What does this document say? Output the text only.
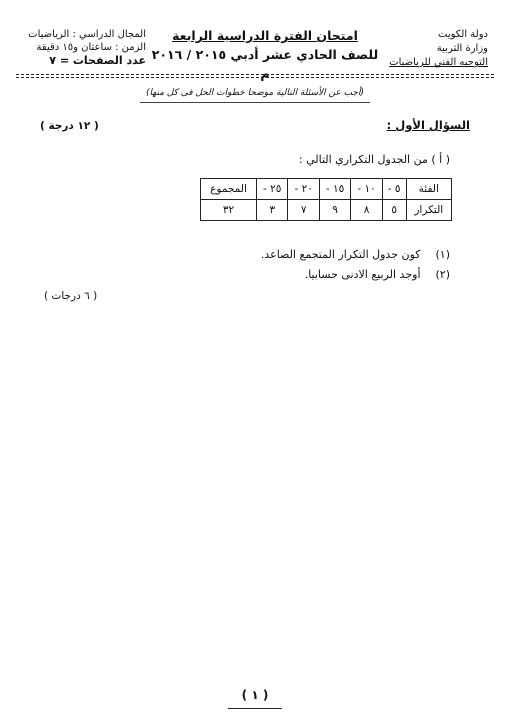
دولة الكويت
وزارة التربية
التوجيه الفني للرياضيات
امتحان الفترة الدراسية الرابعة
للصف الحادي عشر أدبي ٢٠١٥ / ٢٠١٦ م
المجال الدراسي : الرياضيات
الزمن : ساعتان و١٥ دقيقة
عدد الصفحات = ٧
(أجب عن الأسئلة التالية موضحا خطوات الحل فى كل منها)
السؤال الأول :
( ١٢ درجة )
( أ ) من الجدول التكراري التالي :
الفئة	٥ -	١٠ -	١٥ -	٢٠ -	٢٥ -	المجموع
التكرار	٥	٨	٩	٧	٣	٣٢
(١) كون جدول التكرار المتجمع الصاعد.
(٢) أوجد الربيع الادنى حسابيا.
( ٦ درجات )
( ١ )
